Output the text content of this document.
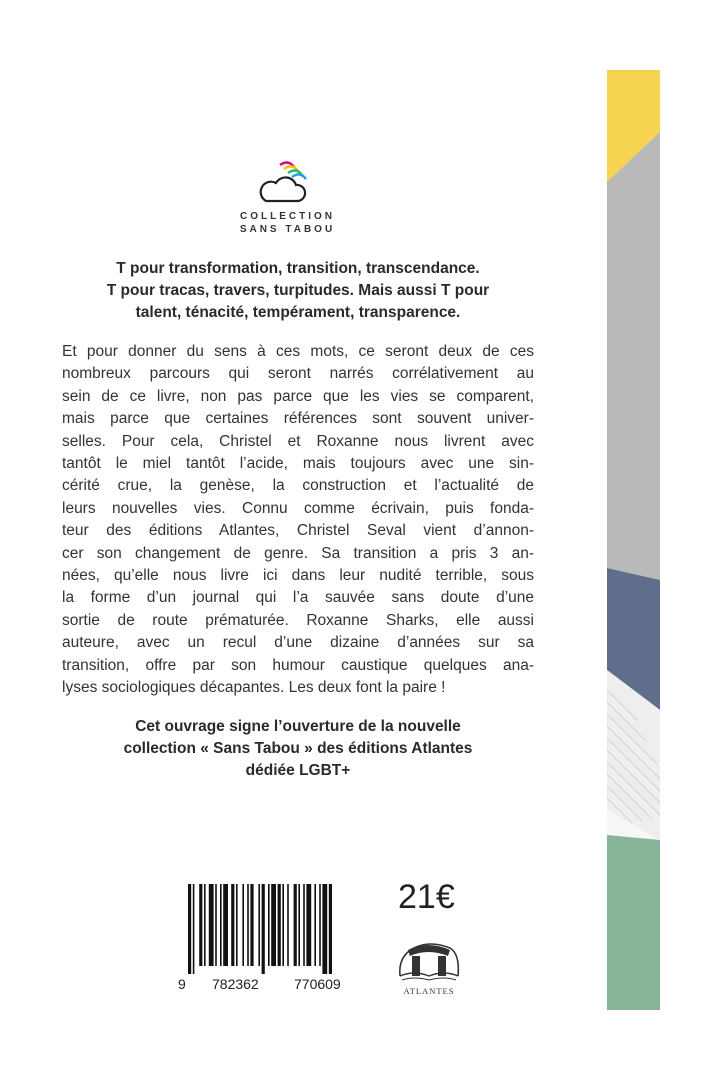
COLLECTION
SANS TABOU
T pour transformation, transition, transcendance.
T pour tracas, travers, turpitudes. Mais aussi T pour
talent, ténacité, tempérament, transparence.
Et pour donner du sens à ces mots, ce seront deux de ces
nombreux parcours qui seront narrés corrélativement au
sein de ce livre, non pas parce que les vies se comparent,
mais parce que certaines références sont souvent univer-
selles. Pour cela, Christel et Roxanne nous livrent avec
tantôt le miel tantôt l’acide, mais toujours avec une sin-
cérité crue, la genèse, la construction et l’actualité de
leurs nouvelles vies. Connu comme écrivain, puis fonda-
teur des éditions Atlantes, Christel Seval vient d’annon-
cer son changement de genre. Sa transition a pris 3 an-
nées, qu’elle nous livre ici dans leur nudité terrible, sous
la forme d’un journal qui l’a sauvée sans doute d’une
sortie de route prématurée. Roxanne Sharks, elle aussi
auteure, avec un recul d’une dizaine d’années sur sa
transition, offre par son humour caustique quelques ana-
lyses sociologiques décapantes. Les deux font la paire !
Cet ouvrage signe l’ouverture de la nouvelle
collection « Sans Tabou » des éditions Atlantes
dédiée LGBT+
9 782362	770609
21€
ATLANTES
